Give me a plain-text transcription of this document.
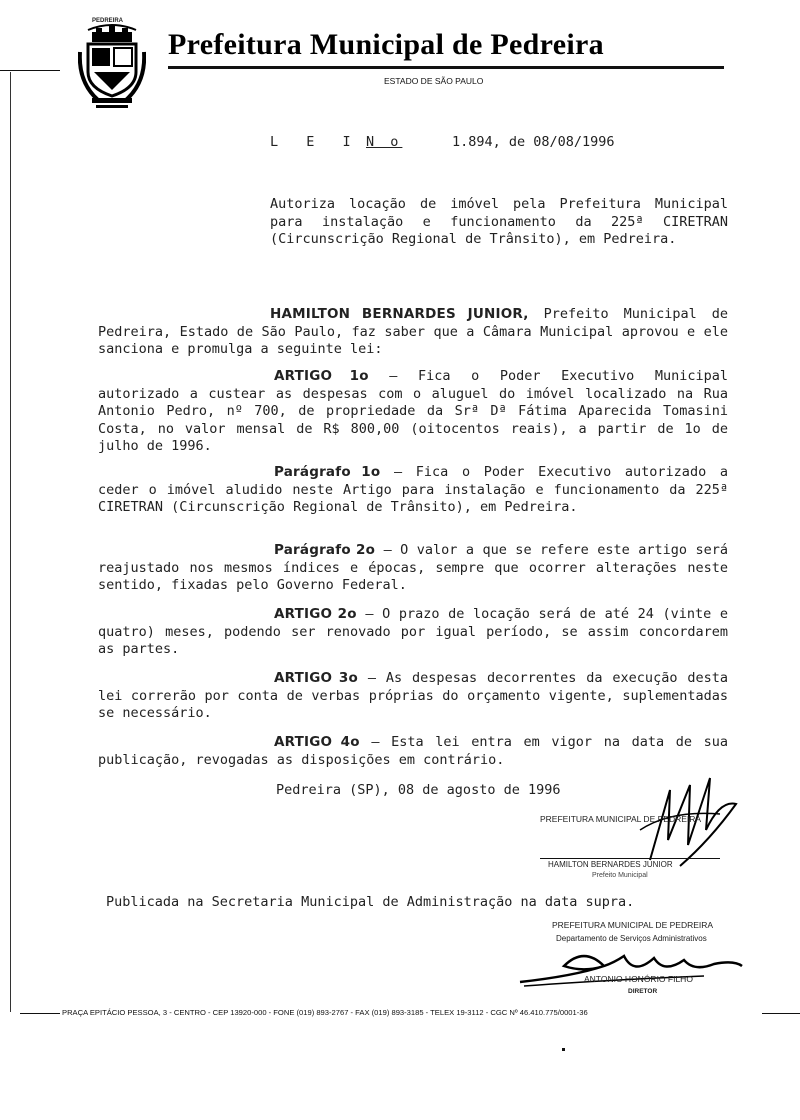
PEDREIRA
Prefeitura Municipal de Pedreira
ESTADO DE SÃO PAULO
L E I N o	1.894, de 08/08/1996
Autoriza locação de imóvel pela Prefeitura Municipal para instalação e funcionamento da 225ª CIRETRAN (Circunscrição Regional de Trânsito), em Pedreira.
HAMILTON BERNARDES JUNIOR, Prefeito Municipal de Pedreira, Estado de São Paulo, faz saber que a Câmara Municipal aprovou e ele sanciona e promulga a seguinte lei:
ARTIGO 1o – Fica o Poder Executivo Municipal autorizado a custear as despesas com o aluguel do imóvel localizado na Rua Antonio Pedro, nº 700, de propriedade da Srª Dª Fátima Aparecida Tomasini Costa, no valor mensal de R$ 800,00 (oitocentos reais), a partir de 1o de julho de 1996.
Parágrafo 1o – Fica o Poder Executivo autorizado a ceder o imóvel aludido neste Artigo para instalação e funcionamento da 225ª CIRETRAN (Circunscrição Regional de Trânsito), em Pedreira.
Parágrafo 2o – O valor a que se refere este artigo será reajustado nos mesmos índices e épocas, sempre que ocorrer alterações neste sentido, fixadas pelo Governo Federal.
ARTIGO 2o – O prazo de locação será de até 24 (vinte e quatro) meses, podendo ser renovado por igual período, se assim concordarem as partes.
ARTIGO 3o – As despesas decorrentes da execução desta lei correrão por conta de verbas próprias do orçamento vigente, suplementadas se necessário.
ARTIGO 4o – Esta lei entra em vigor na data de sua publicação, revogadas as disposições em contrário.
Pedreira (SP), 08 de agosto de 1996
PREFEITURA MUNICIPAL DE PEDREIRA
HAMILTON BERNARDES JUNIOR
Prefeito Municipal
Publicada na Secretaria Municipal de Administração na data supra.
PREFEITURA MUNICIPAL DE PEDREIRA
Departamento de Serviços Administrativos
ANTONIO HONÓRIO FILHO
DIRETOR
PRAÇA EPITÁCIO PESSOA, 3 - CENTRO - CEP 13920-000 - FONE (019) 893-2767 - FAX (019) 893-3185 - TELEX 19-3112 - CGC Nº 46.410.775/0001-36
